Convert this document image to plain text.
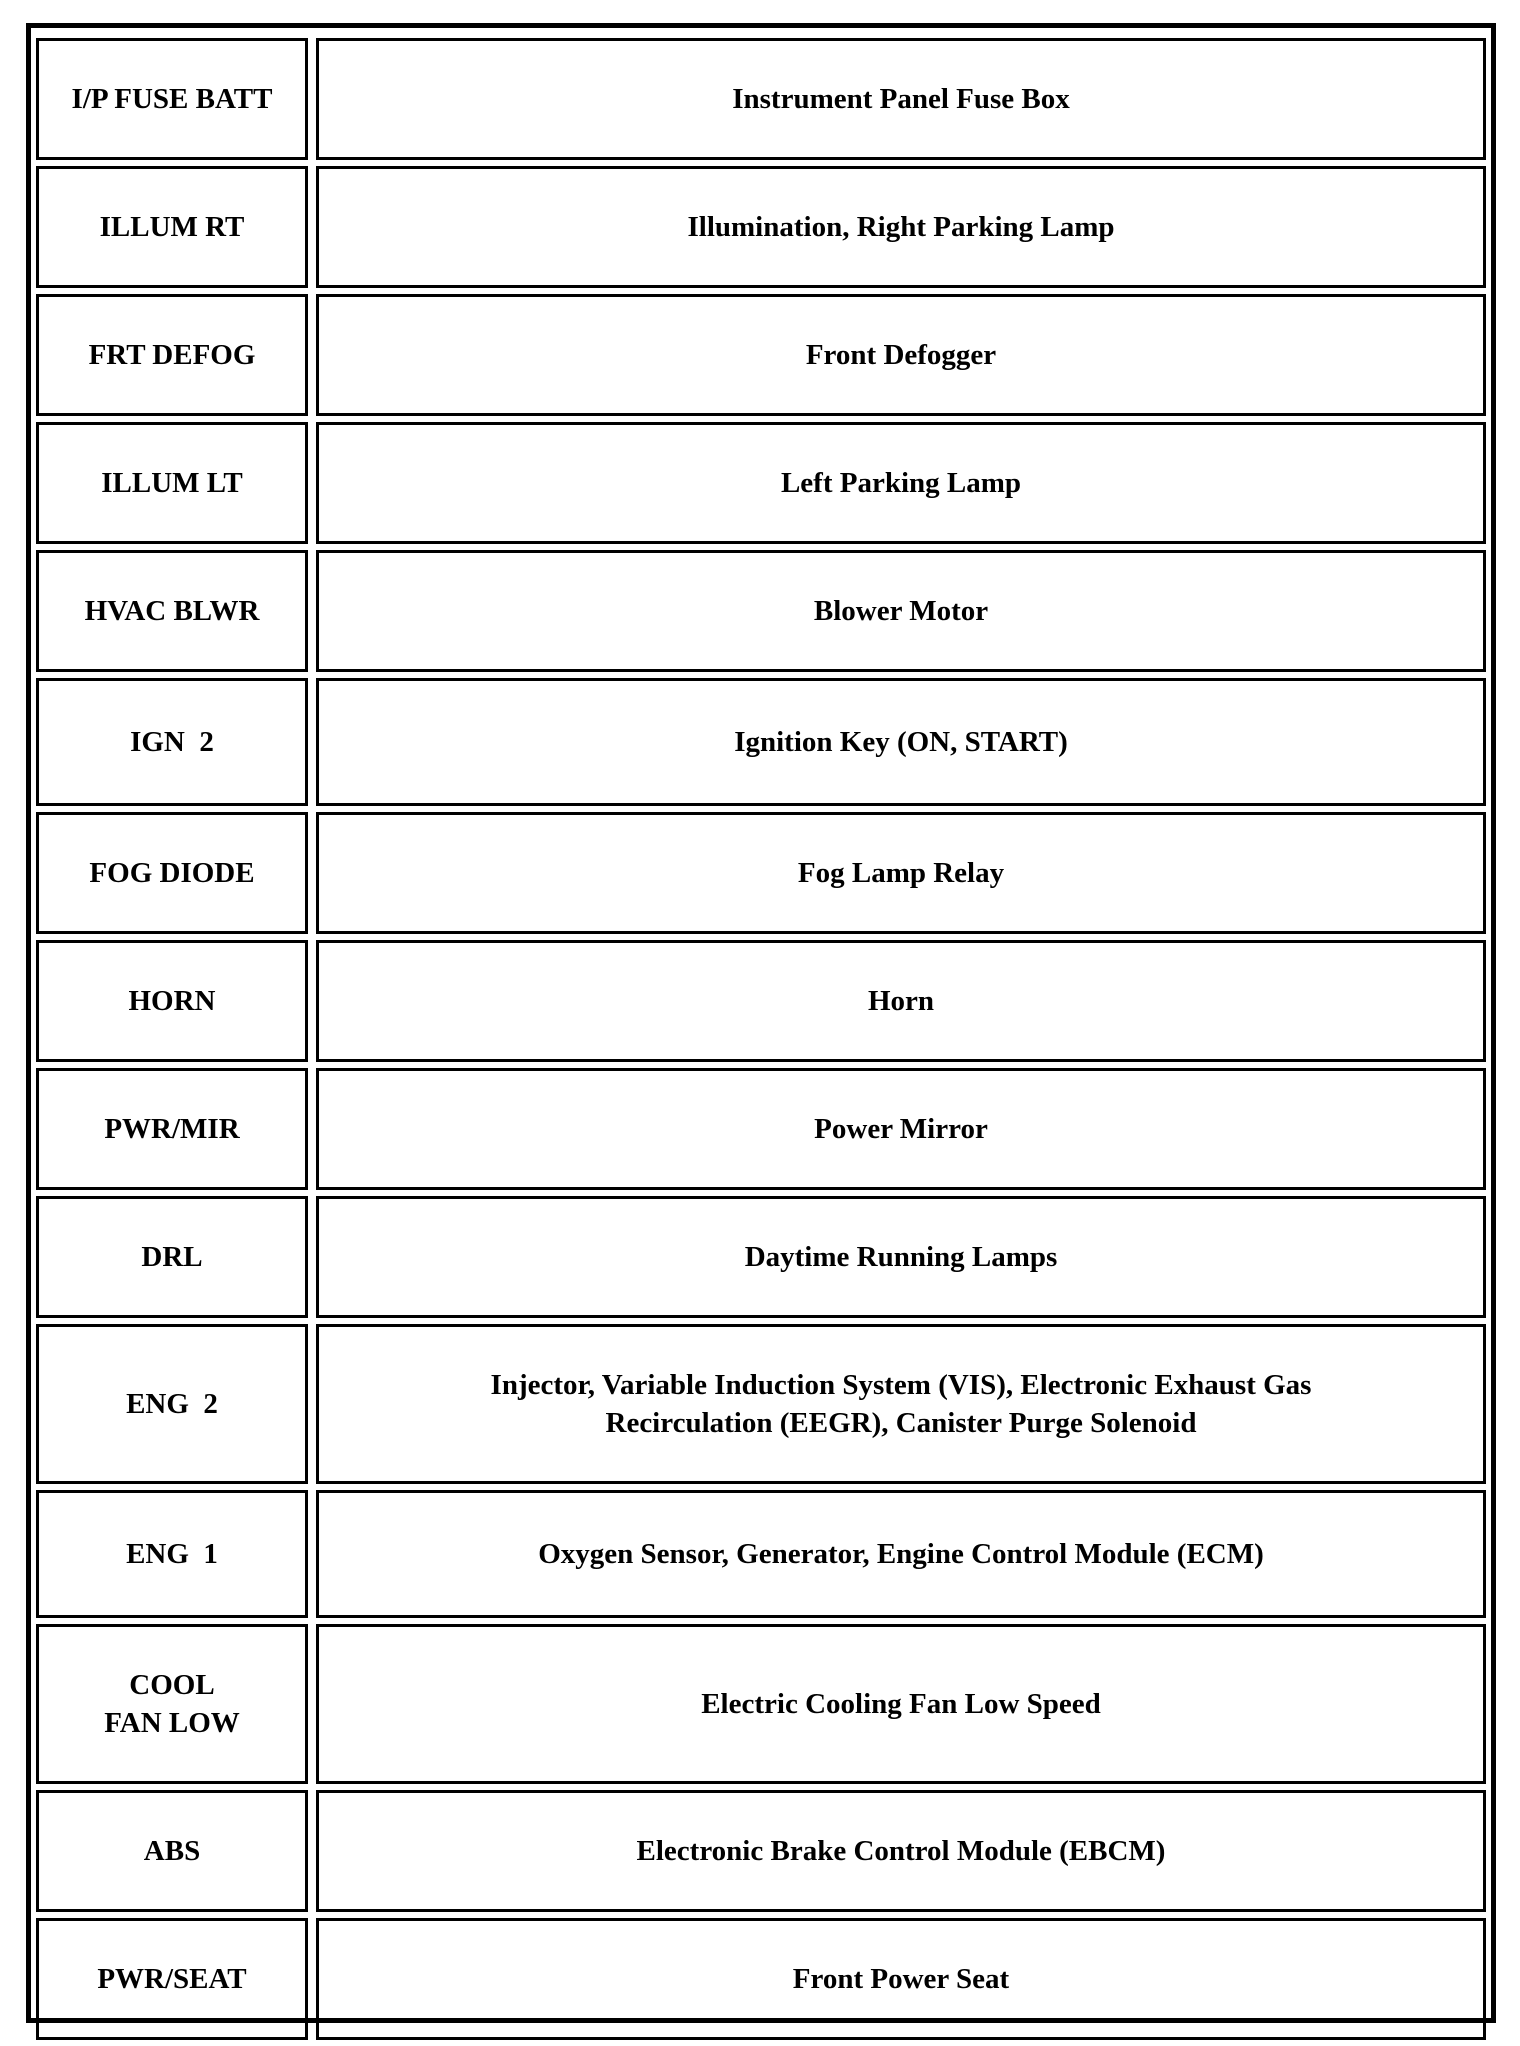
I/P FUSE BATT		Instrument Panel Fuse Box
ILLUM RT		Illumination, Right Parking Lamp
FRT DEFOG		Front Defogger
ILLUM LT		Left Parking Lamp
HVAC BLWR		Blower Motor
IGN  2		Ignition Key (ON, START)
FOG DIODE		Fog Lamp Relay
HORN		Horn
PWR/MIR		Power Mirror
DRL		Daytime Running Lamps
ENG  2		Injector, Variable Induction System (VIS), Electronic Exhaust Gas Recirculation (EEGR), Canister Purge Solenoid
ENG  1		Oxygen Sensor, Generator, Engine Control Module (ECM)
COOL FAN LOW		Electric Cooling Fan Low Speed
ABS		Electronic Brake Control Module (EBCM)
PWR/SEAT		Front Power Seat
